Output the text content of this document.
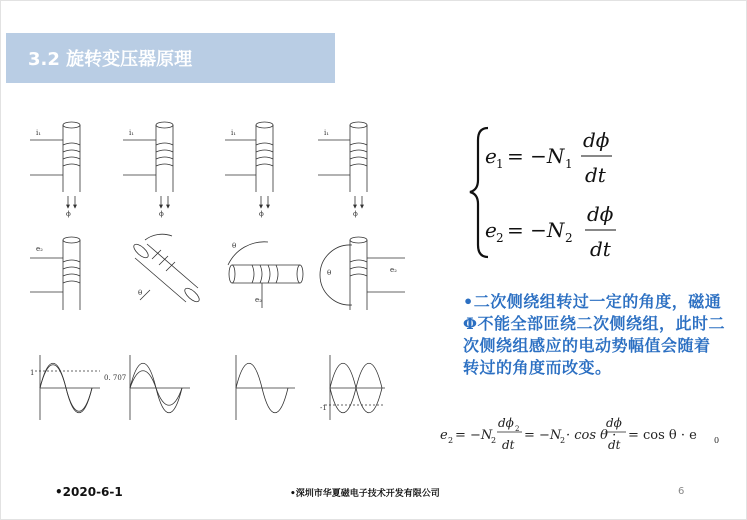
3.2 旋转变压器原理
i₁	i₁	i₁	i₁
ϕ	ϕ	ϕ	ϕ
e₂
e₂
e₂
θ
θ
θ
1
0. 707
-1
e 1 = −N 1
dϕ
dt
e 2 = −N 2
dϕ
dt
e 2 = −N
2
dϕ 2
dt
= −N
2 · cos θ ·
dϕ
dt
= cos θ · e 0
•二次侧绕组转过一定的角度，磁通Φ不能全部匝绕二次侧绕组，此时二次侧绕组感应的电动势幅值会随着转过的角度而改变。
•2020-6-1	•深圳市华夏磁电子技术开发有限公司	6
